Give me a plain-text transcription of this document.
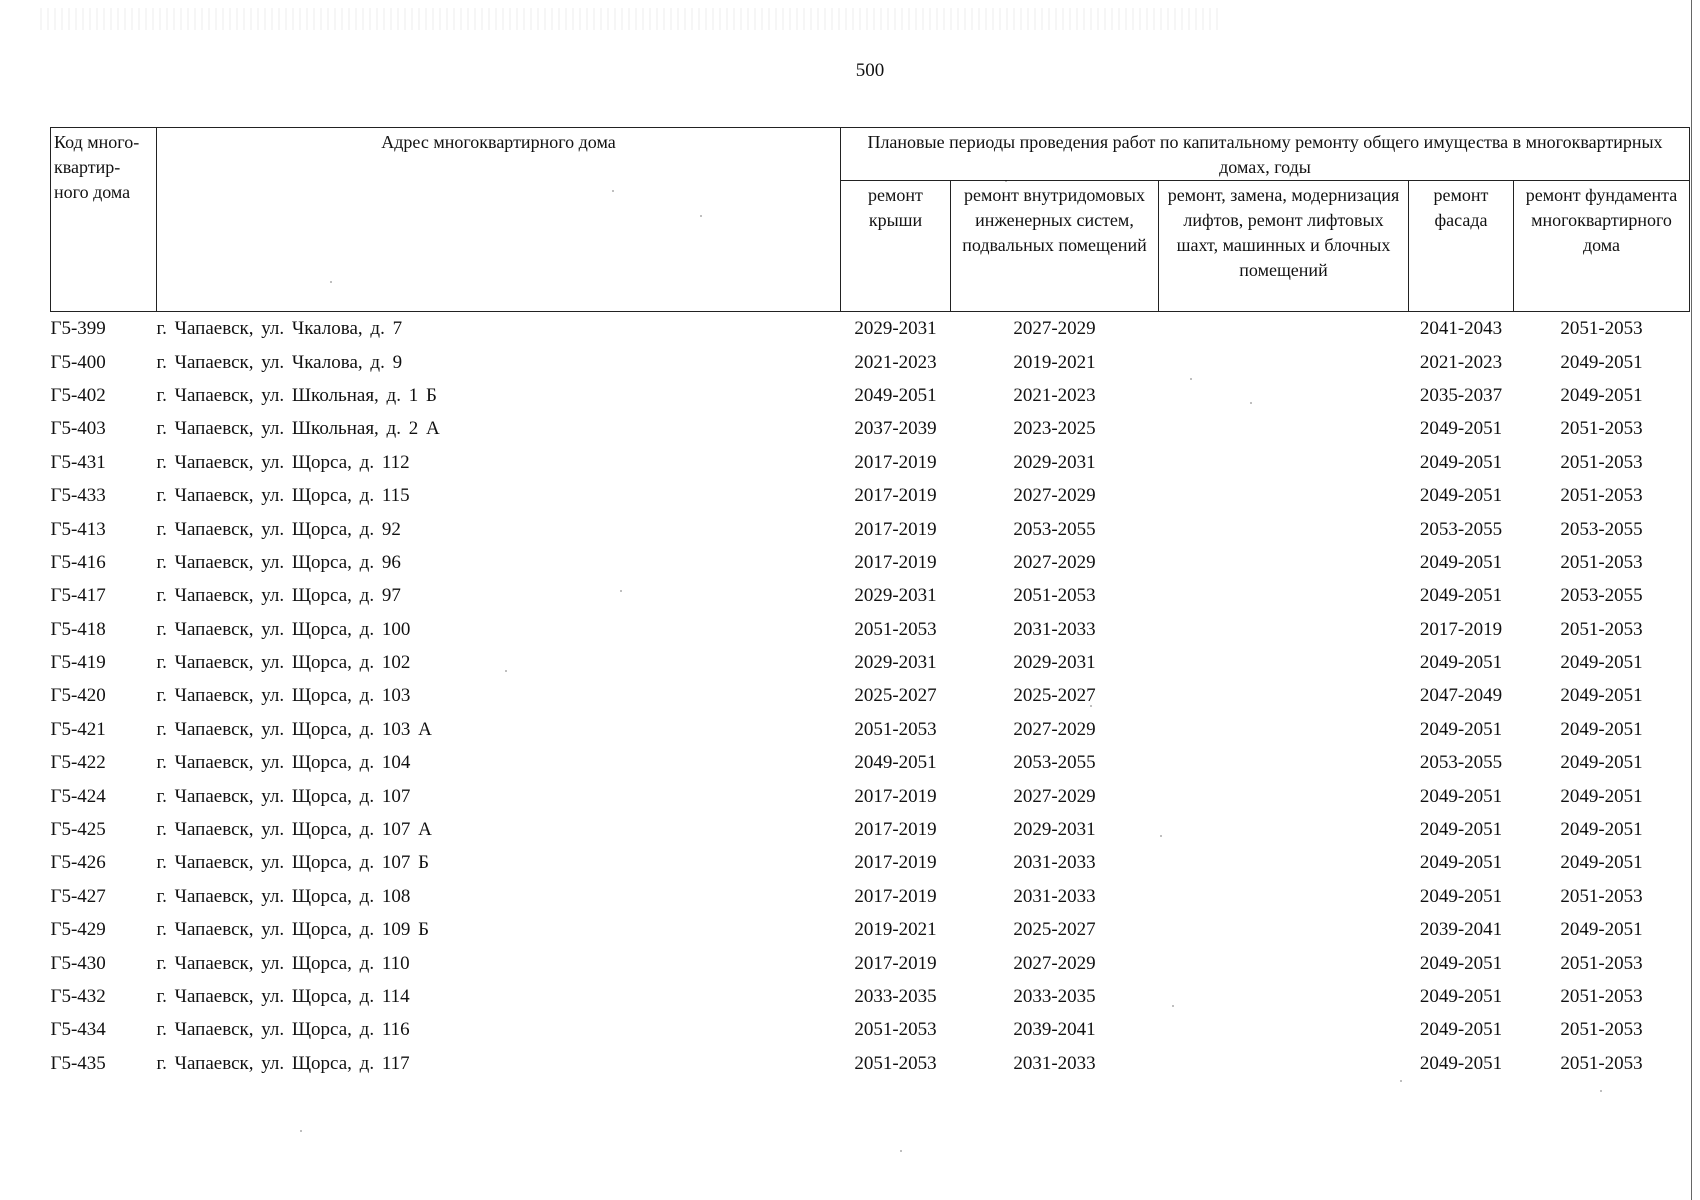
500
Код много-квартир-ного дома	Адрес многоквартирного дома	Плановые периоды проведения работ по капитальному ремонту общего имущества в многоквартирных домах, годы				
		ремонт крыши	ремонт внутридомовых инженерных систем, подвальных помещений	ремонт, замена, модернизация лифтов, ремонт лифтовых шахт, машинных и блочных помещений	ремонт фасада	ремонт фундамента многоквартирного дома
Г5-399	г. Чапаевск, ул. Чкалова, д. 7	2029-2031	2027-2029		2041-2043	2051-2053
Г5-400	г. Чапаевск, ул. Чкалова, д. 9	2021-2023	2019-2021		2021-2023	2049-2051
Г5-402	г. Чапаевск, ул. Школьная, д. 1 Б	2049-2051	2021-2023		2035-2037	2049-2051
Г5-403	г. Чапаевск, ул. Школьная, д. 2 А	2037-2039	2023-2025		2049-2051	2051-2053
Г5-431	г. Чапаевск, ул. Щорса, д. 112	2017-2019	2029-2031		2049-2051	2051-2053
Г5-433	г. Чапаевск, ул. Щорса, д. 115	2017-2019	2027-2029		2049-2051	2051-2053
Г5-413	г. Чапаевск, ул. Щорса, д. 92	2017-2019	2053-2055		2053-2055	2053-2055
Г5-416	г. Чапаевск, ул. Щорса, д. 96	2017-2019	2027-2029		2049-2051	2051-2053
Г5-417	г. Чапаевск, ул. Щорса, д. 97	2029-2031	2051-2053		2049-2051	2053-2055
Г5-418	г. Чапаевск, ул. Щорса, д. 100	2051-2053	2031-2033		2017-2019	2051-2053
Г5-419	г. Чапаевск, ул. Щорса, д. 102	2029-2031	2029-2031		2049-2051	2049-2051
Г5-420	г. Чапаевск, ул. Щорса, д. 103	2025-2027	2025-2027		2047-2049	2049-2051
Г5-421	г. Чапаевск, ул. Щорса, д. 103 А	2051-2053	2027-2029		2049-2051	2049-2051
Г5-422	г. Чапаевск, ул. Щорса, д. 104	2049-2051	2053-2055		2053-2055	2049-2051
Г5-424	г. Чапаевск, ул. Щорса, д. 107	2017-2019	2027-2029		2049-2051	2049-2051
Г5-425	г. Чапаевск, ул. Щорса, д. 107 А	2017-2019	2029-2031		2049-2051	2049-2051
Г5-426	г. Чапаевск, ул. Щорса, д. 107 Б	2017-2019	2031-2033		2049-2051	2049-2051
Г5-427	г. Чапаевск, ул. Щорса, д. 108	2017-2019	2031-2033		2049-2051	2051-2053
Г5-429	г. Чапаевск, ул. Щорса, д. 109 Б	2019-2021	2025-2027		2039-2041	2049-2051
Г5-430	г. Чапаевск, ул. Щорса, д. 110	2017-2019	2027-2029		2049-2051	2051-2053
Г5-432	г. Чапаевск, ул. Щорса, д. 114	2033-2035	2033-2035		2049-2051	2051-2053
Г5-434	г. Чапаевск, ул. Щорса, д. 116	2051-2053	2039-2041		2049-2051	2051-2053
Г5-435	г. Чапаевск, ул. Щорса, д. 117	2051-2053	2031-2033		2049-2051	2051-2053
